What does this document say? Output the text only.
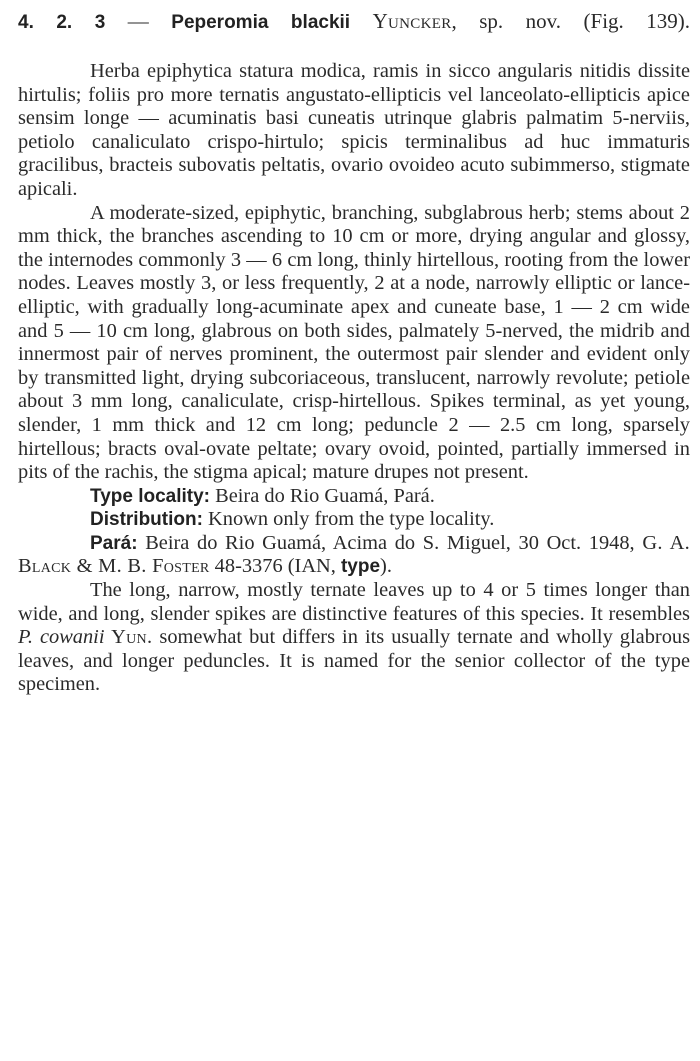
4. 2. 3 — Peperomia blackii Yuncker, sp. nov. (Fig. 139).

Herba epiphytica statura modica, ramis in sicco angularis nitidis dissite hirtulis; foliis pro more ternatis angustato-ellipticis vel lanceolato-ellipticis apice sensim longe — acuminatis basi cuneatis utrinque glabris palmatim 5-nerviis, petiolo canaliculato crispo-hirtulo; spicis terminalibus ad huc immaturis gracilibus, bracteis subovatis peltatis, ovario ovoideo acuto subimmerso, stigmate apicali.

A moderate-sized, epiphytic, branching, subglabrous herb; stems about 2 mm thick, the branches ascending to 10 cm or more, drying angular and glossy, the internodes commonly 3 — 6 cm long, thinly hirtellous, rooting from the lower nodes. Leaves mostly 3, or less frequently, 2 at a node, narrowly elliptic or lance-elliptic, with gradually long-acuminate apex and cuneate base, 1 — 2 cm wide and 5 — 10 cm long, glabrous on both sides, palmately 5-nerved, the midrib and innermost pair of nerves prominent, the outermost pair slender and evident only by transmitted light, drying subcoriaceous, translucent, narrowly revolute; petiole about 3 mm long, canaliculate, crisp-hirtellous. Spikes terminal, as yet young, slender, 1 mm thick and 12 cm long; peduncle 2 — 2.5 cm long, sparsely hirtellous; bracts oval-ovate peltate; ovary ovoid, pointed, partially immersed in pits of the rachis, the stigma apical; mature drupes not present.

Type locality: Beira do Rio Guamá, Pará.

Distribution: Known only from the type locality.

Pará: Beira do Rio Guamá, Acima do S. Miguel, 30 Oct. 1948, G. A. Black & M. B. Foster 48-3376 (IAN, type).

The long, narrow, mostly ternate leaves up to 4 or 5 times longer than wide, and long, slender spikes are distinctive features of this species. It resembles P. cowanii Yun. somewhat but differs in its usually ternate and wholly glabrous leaves, and longer peduncles. It is named for the senior collector of the type specimen.
